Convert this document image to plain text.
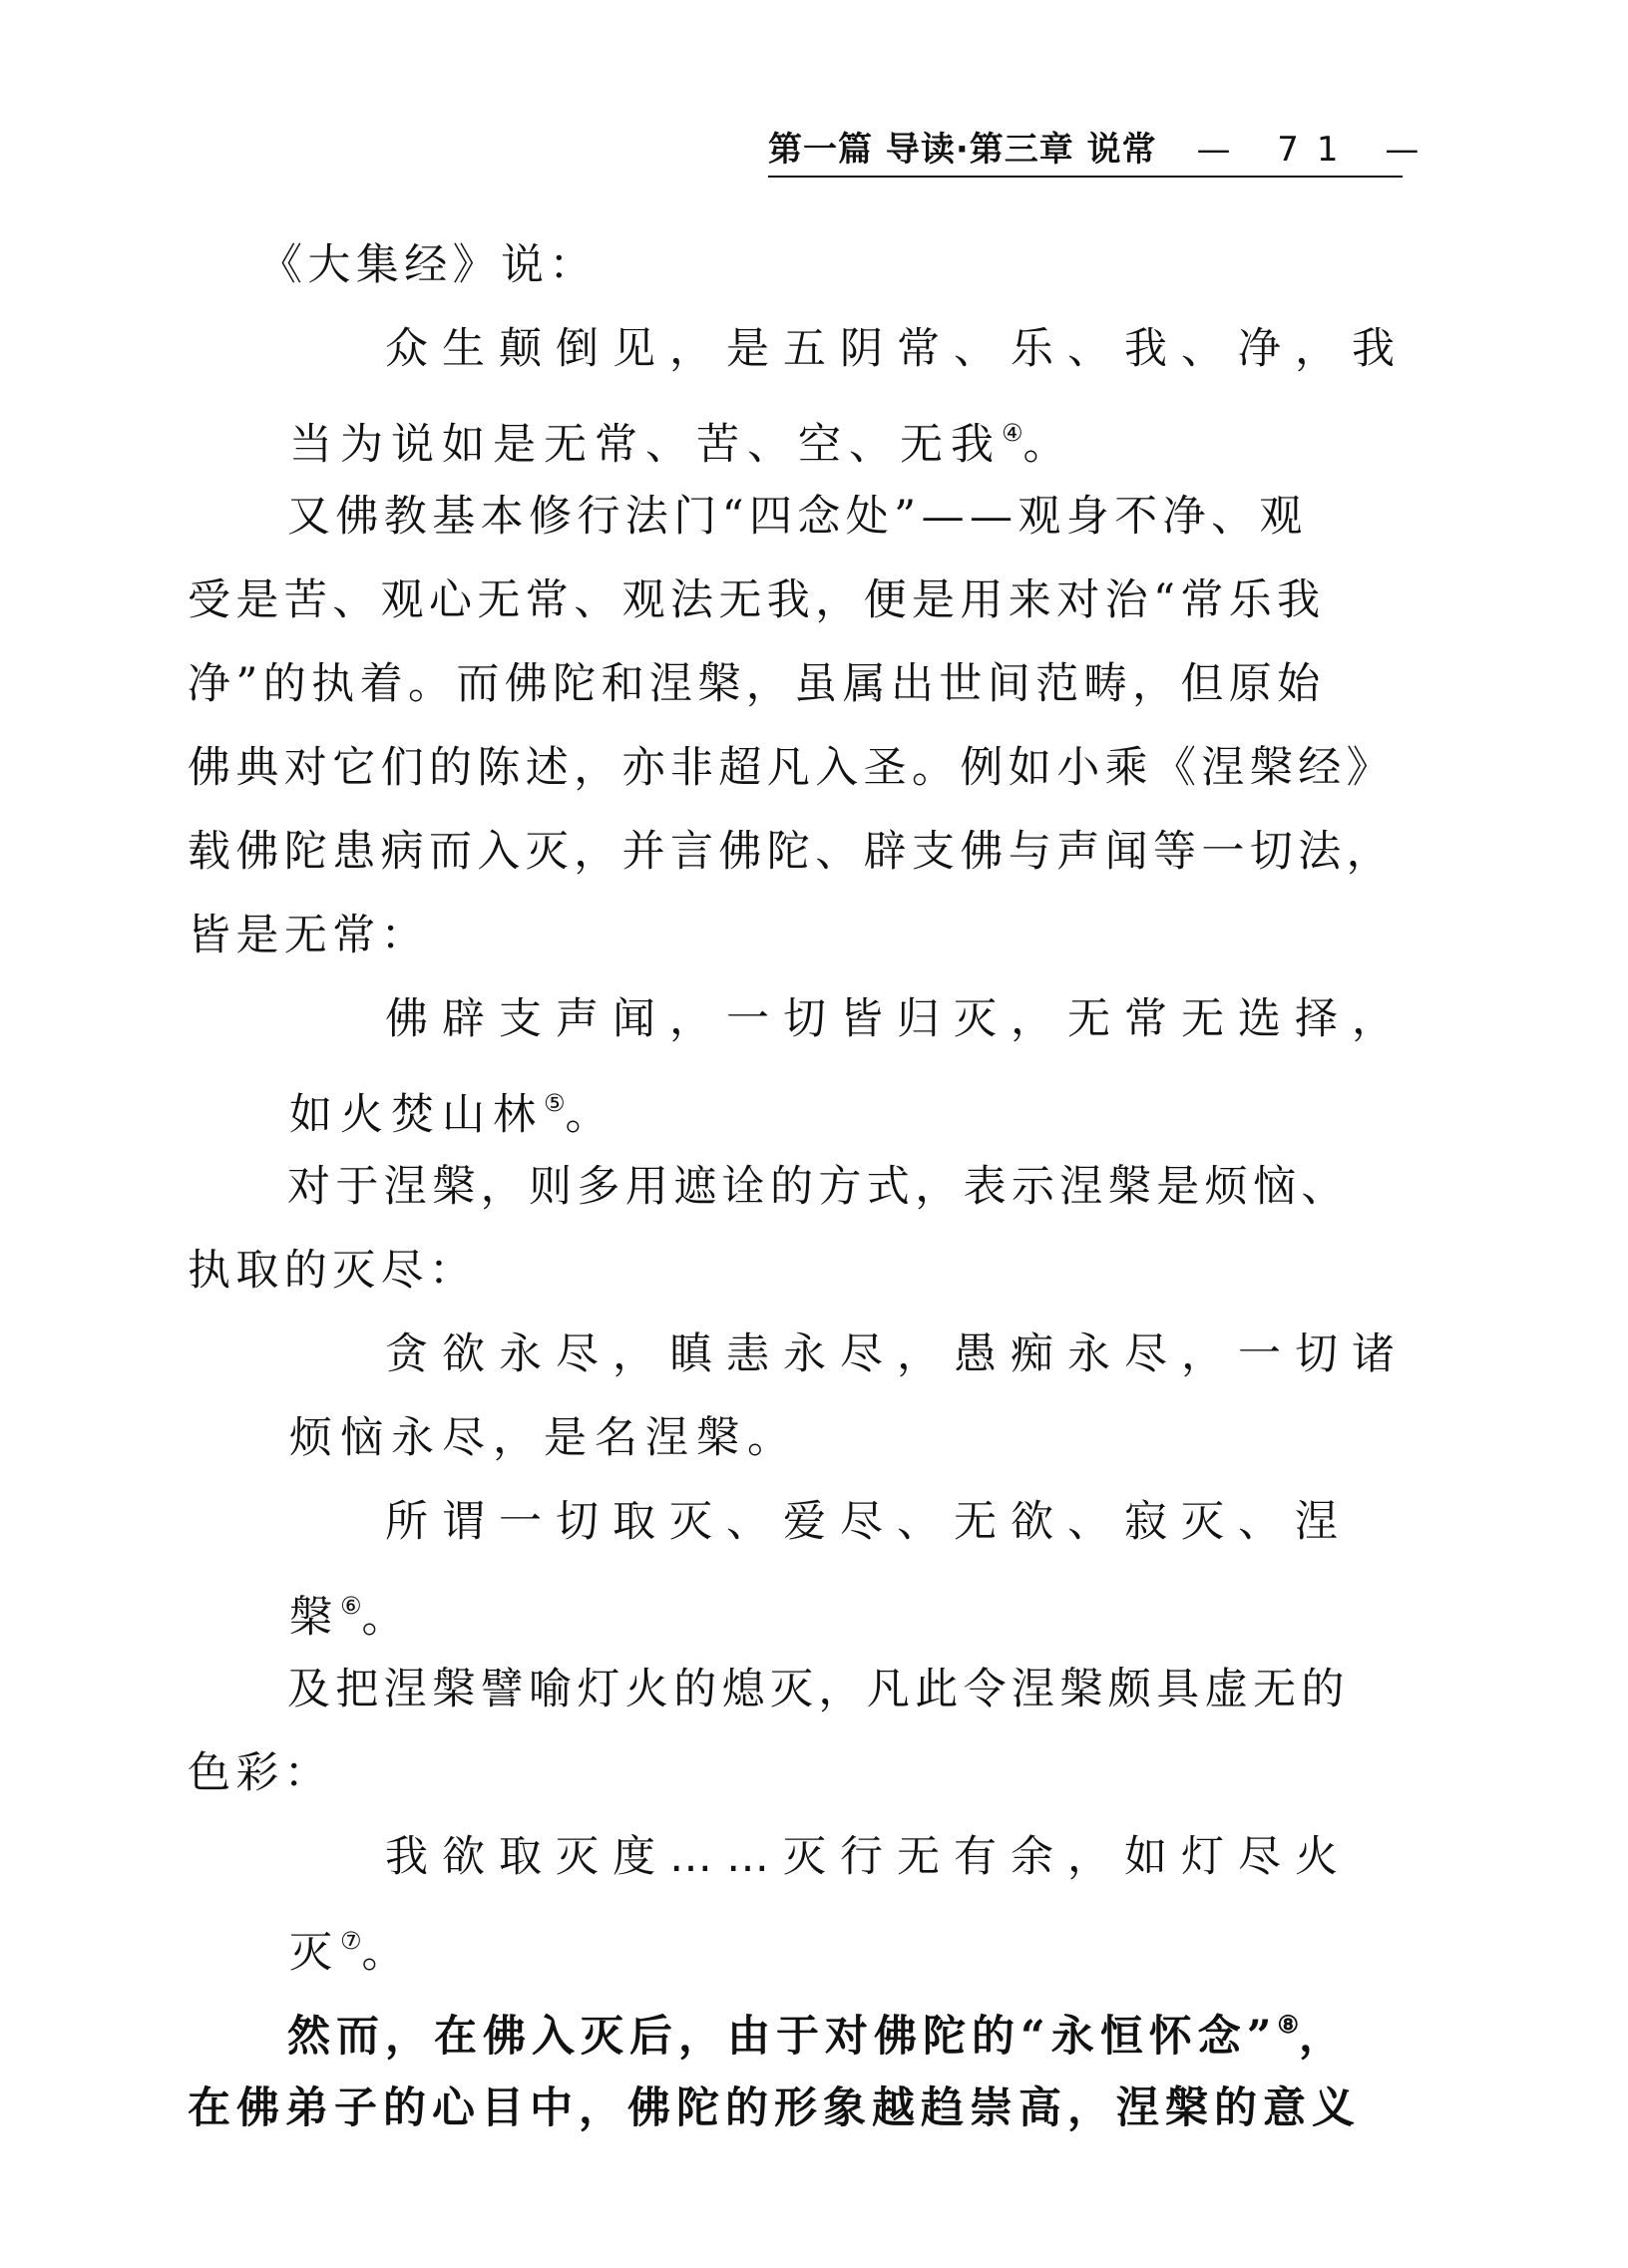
第一篇 导读·第三章 说常 — 71 —
《大集经》说：
众生颠倒见，是五阴常、乐、我、净，我
当为说如是无常、苦、空、无我④。
又佛教基本修行法门“四念处”——观身不净、观
受是苦、观心无常、观法无我，便是用来对治“常乐我
净”的执着。而佛陀和涅槃，虽属出世间范畴，但原始
佛典对它们的陈述，亦非超凡入圣。例如小乘《涅槃经》
载佛陀患病而入灭，并言佛陀、辟支佛与声闻等一切法，
皆是无常：
佛辟支声闻，一切皆归灭，无常无选择，
如火焚山林⑤。
对于涅槃，则多用遮诠的方式，表示涅槃是烦恼、
执取的灭尽：
贪欲永尽，瞋恚永尽，愚痴永尽，一切诸
烦恼永尽，是名涅槃。
所谓一切取灭、爱尽、无欲、寂灭、涅
槃⑥。
及把涅槃譬喻灯火的熄灭，凡此令涅槃颇具虚无的
色彩：
我欲取灭度……灭行无有余，如灯尽火
灭⑦。
然而，在佛入灭后，由于对佛陀的“永恒怀念”⑧，
在佛弟子的心目中，佛陀的形象越趋崇高，涅槃的意义
